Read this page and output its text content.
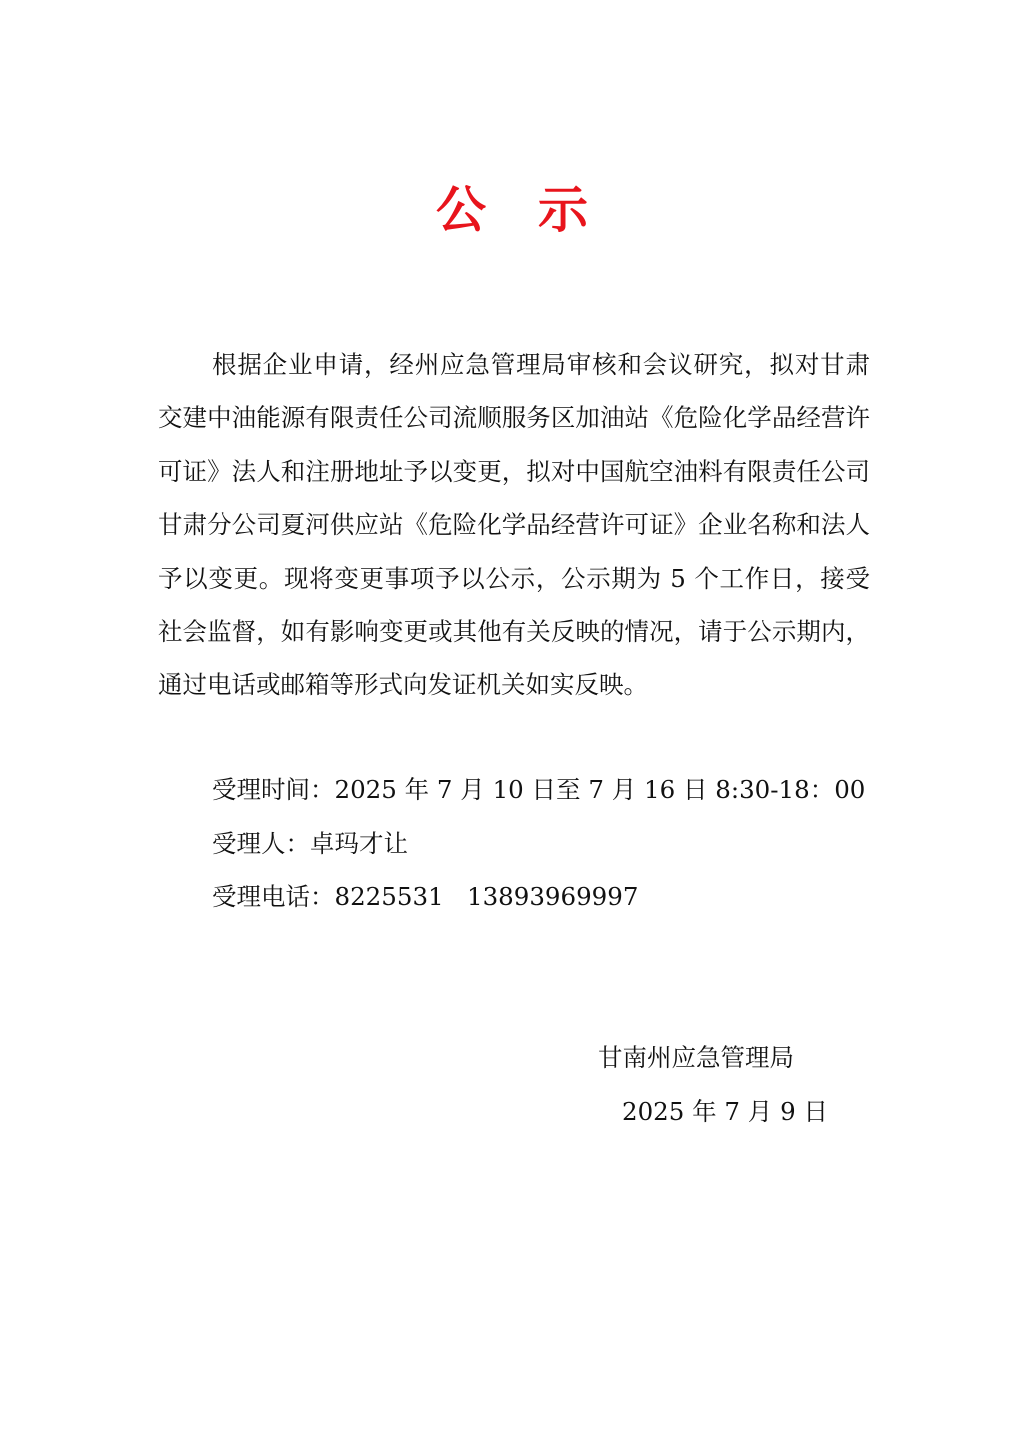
公示

根据企业申请，经州应急管理局审核和会议研究，拟对甘肃交建中油能源有限责任公司流顺服务区加油站《危险化学品经营许可证》法人和注册地址予以变更，拟对中国航空油料有限责任公司甘肃分公司夏河供应站《危险化学品经营许可证》企业名称和法人予以变更。现将变更事项予以公示，公示期为 5 个工作日，接受社会监督，如有影响变更或其他有关反映的情况，请于公示期内，通过电话或邮箱等形式向发证机关如实反映。

受理时间：2025 年 7 月 10 日至 7 月 16 日 8:30-18：00
受理人：卓玛才让
受理电话：8225531   13893969997
甘南州应急管理局
2025 年 7 月 9 日
